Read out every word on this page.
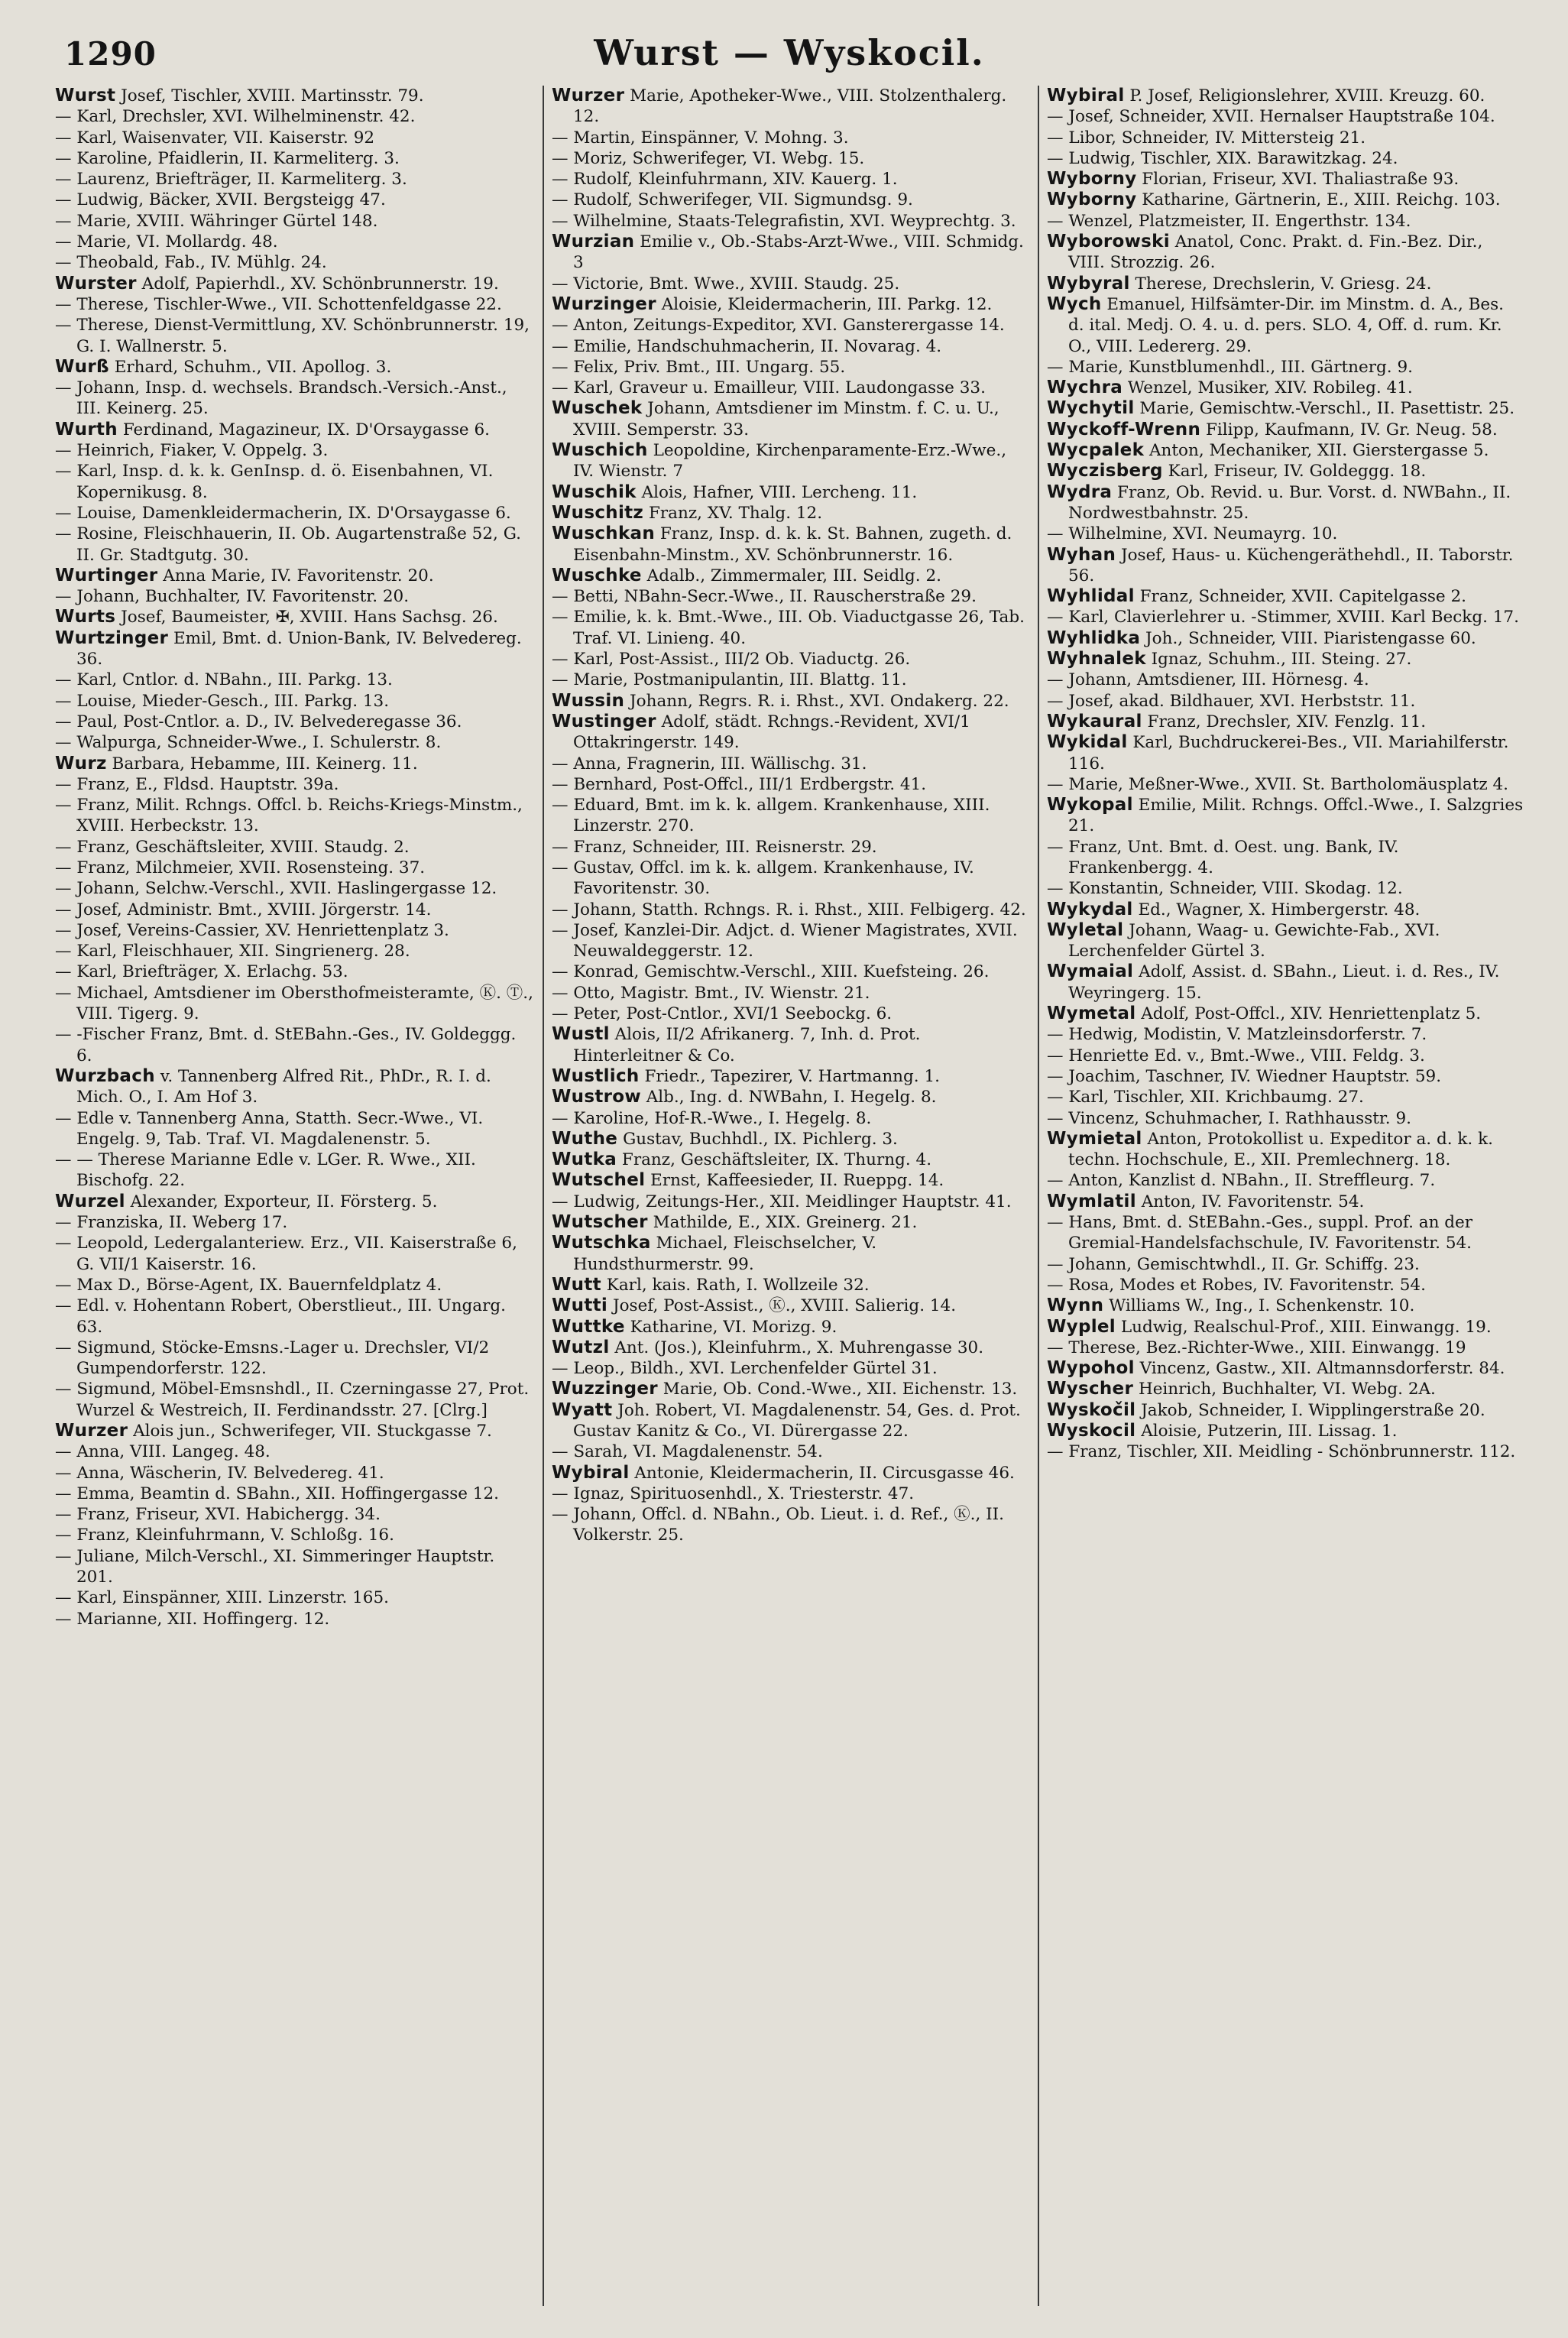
1290	Wurst — Wyskocil.

Wurst Josef, Tischler, XVIII. Martinsstr. 79.

— Karl, Drechsler, XVI. Wilhelminenstr. 42.

— Karl, Waisenvater, VII. Kaiserstr. 92

— Karoline, Pfaidlerin, II. Karmeliterg. 3.

— Laurenz, Briefträger, II. Karmeliterg. 3.

— Ludwig, Bäcker, XVII. Bergsteigg 47.

— Marie, XVIII. Währinger Gürtel 148.

— Marie, VI. Mollardg. 48.

— Theobald, Fab., IV. Mühlg. 24.

Wurster Adolf, Papierhdl., XV. Schönbrunnerstr. 19.

— Therese, Tischler-Wwe., VII. Schottenfeldgasse 22.

— Therese, Dienst-Vermittlung, XV. Schönbrunnerstr. 19, G. I. Wallnerstr. 5.

Wurß Erhard, Schuhm., VII. Apollog. 3.

— Johann, Insp. d. wechsels. Brandsch.-Versich.-Anst., III. Keinerg. 25.

Wurth Ferdinand, Magazineur, IX. D'Orsaygasse 6.

— Heinrich, Fiaker, V. Oppelg. 3.

— Karl, Insp. d. k. k. GenInsp. d. ö. Eisenbahnen, VI. Kopernikusg. 8.

— Louise, Damenkleidermacherin, IX. D'Orsaygasse 6.

— Rosine, Fleischhauerin, II. Ob. Augartenstraße 52, G. II. Gr. Stadtgutg. 30.

Wurtinger Anna Marie, IV. Favoritenstr. 20.

— Johann, Buchhalter, IV. Favoritenstr. 20.

Wurts Josef, Baumeister, ✠, XVIII. Hans Sachsg. 26.

Wurtzinger Emil, Bmt. d. Union-Bank, IV. Belvedereg. 36.

— Karl, Cntlor. d. NBahn., III. Parkg. 13.

— Louise, Mieder-Gesch., III. Parkg. 13.

— Paul, Post-Cntlor. a. D., IV. Belvederegasse 36.

— Walpurga, Schneider-Wwe., I. Schulerstr. 8.

Wurz Barbara, Hebamme, III. Keinerg. 11.

— Franz, E., Fldsd. Hauptstr. 39a.

— Franz, Milit. Rchngs. Offcl. b. Reichs-Kriegs-Minstm., XVIII. Herbeckstr. 13.

— Franz, Geschäftsleiter, XVIII. Staudg. 2.

— Franz, Milchmeier, XVII. Rosensteing. 37.

— Johann, Selchw.-Verschl., XVII. Haslingergasse 12.

— Josef, Administr. Bmt., XVIII. Jörgerstr. 14.

— Josef, Vereins-Cassier, XV. Henriettenplatz 3.

— Karl, Fleischhauer, XII. Singrienerg. 28.

— Karl, Briefträger, X. Erlachg. 53.

— Michael, Amtsdiener im Obersthofmeisteramte, Ⓚ. Ⓣ., VIII. Tigerg. 9.

— ‑Fischer Franz, Bmt. d. StEBahn.-Ges., IV. Goldeggg. 6.

Wurzbach v. Tannenberg Alfred Rit., PhDr., R. I. d. Mich. O., I. Am Hof 3.

— Edle v. Tannenberg Anna, Statth. Secr.-Wwe., VI. Engelg. 9, Tab. Traf. VI. Magdalenenstr. 5.

— — Therese Marianne Edle v. LGer. R. Wwe., XII. Bischofg. 22.

Wurzel Alexander, Exporteur, II. Försterg. 5.

— Franziska, II. Weberg 17.

— Leopold, Ledergalanteriew. Erz., VII. Kaiserstraße 6, G. VII/1 Kaiserstr. 16.

— Max D., Börse-Agent, IX. Bauernfeldplatz 4.

— Edl. v. Hohentann Robert, Oberstlieut., III. Ungarg. 63.

— Sigmund, Stöcke-Emsns.-Lager u. Drechsler, VI/2 Gumpendorferstr. 122.

— Sigmund, Möbel-Emsnshdl., II. Czerningasse 27, Prot. Wurzel & Westreich, II. Ferdinandsstr. 27. [Clrg.]

Wurzer Alois jun., Schwerifeger, VII. Stuckgasse 7.

— Anna, VIII. Langeg. 48.

— Anna, Wäscherin, IV. Belvedereg. 41.

— Emma, Beamtin d. SBahn., XII. Hoffingergasse 12.

— Franz, Friseur, XVI. Habichergg. 34.

— Franz, Kleinfuhrmann, V. Schloßg. 16.

— Juliane, Milch-Verschl., XI. Simmeringer Hauptstr. 201.

— Karl, Einspänner, XIII. Linzerstr. 165.

— Marianne, XII. Hoffingerg. 12.

Wurzer Marie, Apotheker-Wwe., VIII. Stolzenthalerg. 12.

— Martin, Einspänner, V. Mohng. 3.

— Moriz, Schwerifeger, VI. Webg. 15.

— Rudolf, Kleinfuhrmann, XIV. Kauerg. 1.

— Rudolf, Schwerifeger, VII. Sigmundsg. 9.

— Wilhelmine, Staats-Telegrafistin, XVI. Weyprechtg. 3.

Wurzian Emilie v., Ob.-Stabs-Arzt-Wwe., VIII. Schmidg. 3

— Victorie, Bmt. Wwe., XVIII. Staudg. 25.

Wurzinger Aloisie, Kleidermacherin, III. Parkg. 12.

— Anton, Zeitungs-Expeditor, XVI. Gansterergasse 14.

— Emilie, Handschuhmacherin, II. Novarag. 4.

— Felix, Priv. Bmt., III. Ungarg. 55.

— Karl, Graveur u. Emailleur, VIII. Laudongasse 33.

Wuschek Johann, Amtsdiener im Minstm. f. C. u. U., XVIII. Semperstr. 33.

Wuschich Leopoldine, Kirchenparamente-Erz.-Wwe., IV. Wienstr. 7

Wuschik Alois, Hafner, VIII. Lercheng. 11.

Wuschitz Franz, XV. Thalg. 12.

Wuschkan Franz, Insp. d. k. k. St. Bahnen, zugeth. d. Eisenbahn-Minstm., XV. Schönbrunnerstr. 16.

Wuschke Adalb., Zimmermaler, III. Seidlg. 2.

— Betti, NBahn-Secr.-Wwe., II. Rauscherstraße 29.

— Emilie, k. k. Bmt.-Wwe., III. Ob. Viaductgasse 26, Tab. Traf. VI. Linieng. 40.

— Karl, Post-Assist., III/2 Ob. Viaductg. 26.

— Marie, Postmanipulantin, III. Blattg. 11.

Wussin Johann, Regrs. R. i. Rhst., XVI. Ondakerg. 22.

Wustinger Adolf, städt. Rchngs.-Revident, XVI/1 Ottakringerstr. 149.

— Anna, Fragnerin, III. Wällischg. 31.

— Bernhard, Post-Offcl., III/1 Erdbergstr. 41.

— Eduard, Bmt. im k. k. allgem. Krankenhause, XIII. Linzerstr. 270.

— Franz, Schneider, III. Reisnerstr. 29.

— Gustav, Offcl. im k. k. allgem. Krankenhause, IV. Favoritenstr. 30.

— Johann, Statth. Rchngs. R. i. Rhst., XIII. Felbigerg. 42.

— Josef, Kanzlei-Dir. Adjct. d. Wiener Magistrates, XVII. Neuwaldeggerstr. 12.

— Konrad, Gemischtw.-Verschl., XIII. Kuefsteing. 26.

— Otto, Magistr. Bmt., IV. Wienstr. 21.

— Peter, Post-Cntlor., XVI/1 Seebockg. 6.

Wustl Alois, II/2 Afrikanerg. 7, Inh. d. Prot. Hinterleitner & Co.

Wustlich Friedr., Tapezirer, V. Hartmanng. 1.

Wustrow Alb., Ing. d. NWBahn, I. Hegelg. 8.

— Karoline, Hof-R.-Wwe., I. Hegelg. 8.

Wuthe Gustav, Buchhdl., IX. Pichlerg. 3.

Wutka Franz, Geschäftsleiter, IX. Thurng. 4.

Wutschel Ernst, Kaffeesieder, II. Rueppg. 14.

— Ludwig, Zeitungs-Her., XII. Meidlinger Hauptstr. 41.

Wutscher Mathilde, E., XIX. Greinerg. 21.

Wutschka Michael, Fleischselcher, V. Hundsthurmerstr. 99.

Wutt Karl, kais. Rath, I. Wollzeile 32.

Wutti Josef, Post-Assist., Ⓚ., XVIII. Salierig. 14.

Wuttke Katharine, VI. Morizg. 9.

Wutzl Ant. (Jos.), Kleinfuhrm., X. Muhrengasse 30.

— Leop., Bildh., XVI. Lerchenfelder Gürtel 31.

Wuzzinger Marie, Ob. Cond.-Wwe., XII. Eichenstr. 13.

Wyatt Joh. Robert, VI. Magdalenenstr. 54, Ges. d. Prot. Gustav Kanitz & Co., VI. Dürergasse 22.

— Sarah, VI. Magdalenenstr. 54.

Wybiral Antonie, Kleidermacherin, II. Circusgasse 46.

— Ignaz, Spirituosenhdl., X. Triesterstr. 47.

— Johann, Offcl. d. NBahn., Ob. Lieut. i. d. Ref., Ⓚ., II. Volkerstr. 25.

Wybiral P. Josef, Religionslehrer, XVIII. Kreuzg. 60.

— Josef, Schneider, XVII. Hernalser Hauptstraße 104.

— Libor, Schneider, IV. Mittersteig 21.

— Ludwig, Tischler, XIX. Barawitzkag. 24.

Wyborny Florian, Friseur, XVI. Thaliastraße 93.

Wyborny Katharine, Gärtnerin, E., XIII. Reichg. 103.

— Wenzel, Platzmeister, II. Engerthstr. 134.

Wyborowski Anatol, Conc. Prakt. d. Fin.-Bez. Dir., VIII. Strozzig. 26.

Wybyral Therese, Drechslerin, V. Griesg. 24.

Wych Emanuel, Hilfsämter-Dir. im Minstm. d. A., Bes. d. ital. Medj. O. 4. u. d. pers. SLO. 4, Off. d. rum. Kr. O., VIII. Ledererg. 29.

— Marie, Kunstblumenhdl., III. Gärtnerg. 9.

Wychra Wenzel, Musiker, XIV. Robileg. 41.

Wychytil Marie, Gemischtw.-Verschl., II. Pasettistr. 25.

Wyckoff-Wrenn Filipp, Kaufmann, IV. Gr. Neug. 58.

Wycpalek Anton, Mechaniker, XII. Gierstergasse 5.

Wyczisberg Karl, Friseur, IV. Goldeggg. 18.

Wydra Franz, Ob. Revid. u. Bur. Vorst. d. NWBahn., II. Nordwestbahnstr. 25.

— Wilhelmine, XVI. Neumayrg. 10.

Wyhan Josef, Haus- u. Küchengeräthehdl., II. Taborstr. 56.

Wyhlidal Franz, Schneider, XVII. Capitelgasse 2.

— Karl, Clavierlehrer u. -Stimmer, XVIII. Karl Beckg. 17.

Wyhlidka Joh., Schneider, VIII. Piaristengasse 60.

Wyhnalek Ignaz, Schuhm., III. Steing. 27.

— Johann, Amtsdiener, III. Hörnesg. 4.

— Josef, akad. Bildhauer, XVI. Herbststr. 11.

Wykaural Franz, Drechsler, XIV. Fenzlg. 11.

Wykidal Karl, Buchdruckerei-Bes., VII. Mariahilferstr. 116.

— Marie, Meßner-Wwe., XVII. St. Bartholomäusplatz 4.

Wykopal Emilie, Milit. Rchngs. Offcl.-Wwe., I. Salzgries 21.

— Franz, Unt. Bmt. d. Oest. ung. Bank, IV. Frankenbergg. 4.

— Konstantin, Schneider, VIII. Skodag. 12.

Wykydal Ed., Wagner, X. Himbergerstr. 48.

Wyletal Johann, Waag- u. Gewichte-Fab., XVI. Lerchenfelder Gürtel 3.

Wymaial Adolf, Assist. d. SBahn., Lieut. i. d. Res., IV. Weyringerg. 15.

Wymetal Adolf, Post-Offcl., XIV. Henriettenplatz 5.

— Hedwig, Modistin, V. Matzleinsdorferstr. 7.

— Henriette Ed. v., Bmt.-Wwe., VIII. Feldg. 3.

— Joachim, Taschner, IV. Wiedner Hauptstr. 59.

— Karl, Tischler, XII. Krichbaumg. 27.

— Vincenz, Schuhmacher, I. Rathhausstr. 9.

Wymietal Anton, Protokollist u. Expeditor a. d. k. k. techn. Hochschule, E., XII. Premlechnerg. 18.

— Anton, Kanzlist d. NBahn., II. Streffleurg. 7.

Wymlatil Anton, IV. Favoritenstr. 54.

— Hans, Bmt. d. StEBahn.-Ges., suppl. Prof. an der Gremial-Handelsfachschule, IV. Favoritenstr. 54.

— Johann, Gemischtwhdl., II. Gr. Schiffg. 23.

— Rosa, Modes et Robes, IV. Favoritenstr. 54.

Wynn Williams W., Ing., I. Schenkenstr. 10.

Wyplel Ludwig, Realschul-Prof., XIII. Einwangg. 19.

— Therese, Bez.-Richter-Wwe., XIII. Einwangg. 19

Wypohol Vincenz, Gastw., XII. Altmannsdorferstr. 84.

Wyscher Heinrich, Buchhalter, VI. Webg. 2A.

Wyskočil Jakob, Schneider, I. Wipplingerstraße 20.

Wyskocil Aloisie, Putzerin, III. Lissag. 1.

— Franz, Tischler, XII. Meidling - Schönbrunnerstr. 112.
